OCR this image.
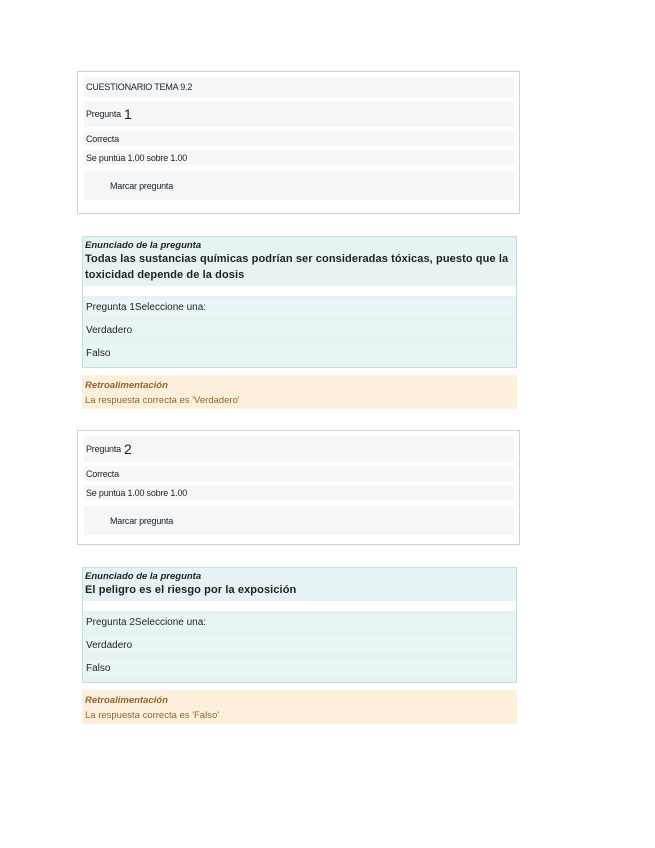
CUESTIONARIO TEMA 9.2
Pregunta 1
Correcta
Se puntúa 1.00 sobre 1.00
Marcar pregunta
Enunciado de la pregunta
Todas las sustancias químicas podrían ser consideradas tóxicas, puesto que la toxicidad depende de la dosis
Pregunta 1Seleccione una:
Verdadero
Falso
Retroalimentación
La respuesta correcta es 'Verdadero'
Pregunta 2
Correcta
Se puntúa 1.00 sobre 1.00
Marcar pregunta
Enunciado de la pregunta
El peligro es el riesgo por la exposición
Pregunta 2Seleccione una:
Verdadero
Falso
Retroalimentación
La respuesta correcta es 'Falso'
